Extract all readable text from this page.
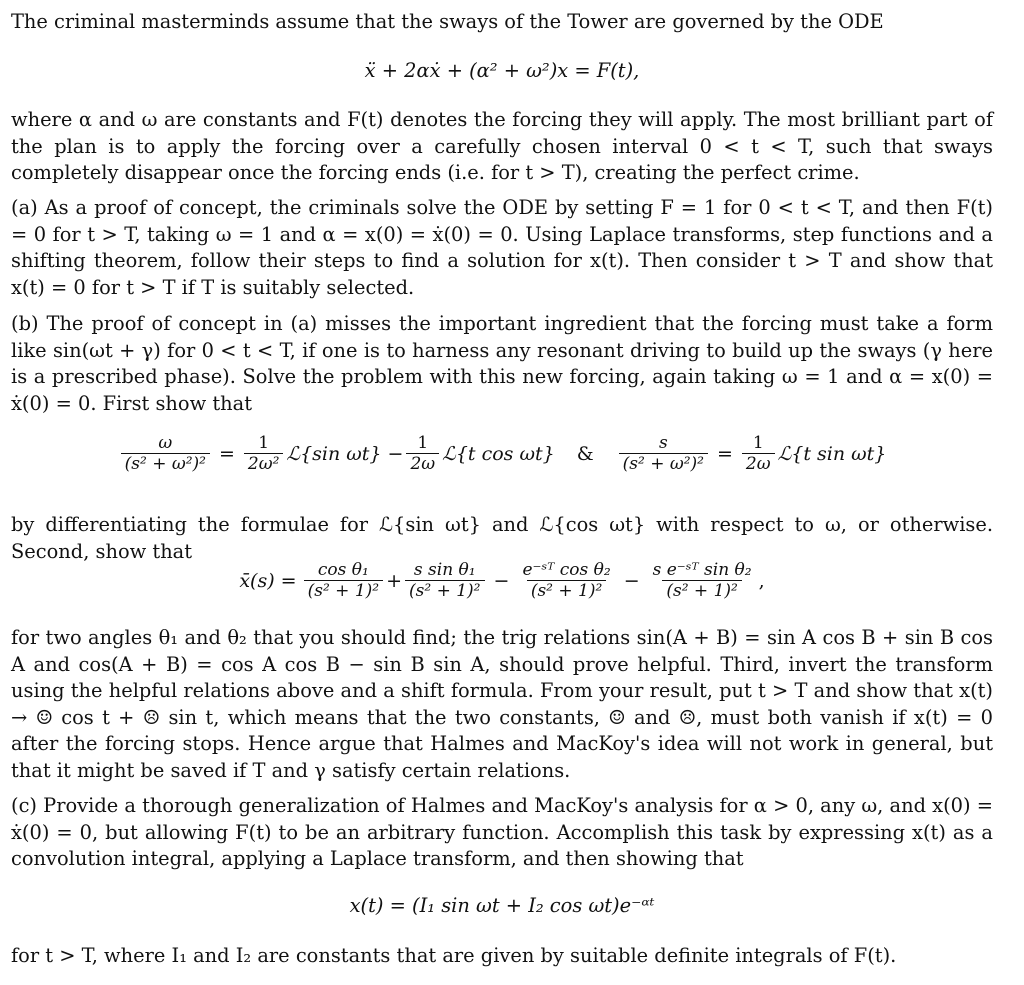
The criminal masterminds assume that the sways of the Tower are governed by the ODE

ẍ + 2αẋ + (α² + ω²)x = F(t),

where α and ω are constants and F(t) denotes the forcing they will apply. The most brilliant part of the plan is to apply the forcing over a carefully chosen interval 0 < t < T, such that sways completely disappear once the forcing ends (i.e. for t > T), creating the perfect crime.

(a) As a proof of concept, the criminals solve the ODE by setting F = 1 for 0 < t < T, and then F(t) = 0 for t > T, taking ω = 1 and α = x(0) = ẋ(0) = 0. Using Laplace transforms, step functions and a shifting theorem, follow their steps to find a solution for x(t). Then consider t > T and show that x(t) = 0 for t > T if T is suitably selected.

(b) The proof of concept in (a) misses the important ingredient that the forcing must take a form like sin(ωt + γ) for 0 < t < T, if one is to harness any resonant driving to build up the sways (γ here is a prescribed phase). Solve the problem with this new forcing, again taking ω = 1 and α = x(0) = ẋ(0) = 0. First show that

$\frac{\omega}{\text{(s² + ω²)²}} = \frac{1}{\text{2ω²}}$ ℒ{sin $\omega t\} - \frac{1}{2\omega}$ ℒ{t cos ωt} & $\frac{s}{\text{(s² + ω²)²}} = \frac{1}{2\omega}$ ℒ{t sin ωt}

by differentiating the formulae for ℒ{sin ωt} and ℒ{cos ωt} with respect to ω, or otherwise. Second, show that

x̄(s) = $\frac{\text{cos θ₁}}{\text{(s² + 1)²}} + \frac{\text{s sin θ₁}}{\text{(s² + 1)²}} - \frac{\text{e⁻ˢᵀ cos θ₂}}{\text{(s² + 1)²}} - \frac{\text{s e⁻ˢᵀ sin θ₂}}{\text{(s² + 1)²}}$ ,

for two angles θ₁ and θ₂ that you should find; the trig relations sin(A + B) = sin A cos B + sin B cos A and cos(A + B) = cos A cos B − sin B sin A, should prove helpful. Third, invert the transform using the helpful relations above and a shift formula. From your result, put t > T and show that x(t) → ☺ cos t + ☹ sin t, which means that the two constants, ☺ and ☹, must both vanish if x(t) = 0 after the forcing stops. Hence argue that Halmes and MacKoy's idea will not work in general, but that it might be saved if T and γ satisfy certain relations.

(c) Provide a thorough generalization of Halmes and MacKoy's analysis for α > 0, any ω, and x(0) = ẋ(0) = 0, but allowing F(t) to be an arbitrary function. Accomplish this task by expressing x(t) as a convolution integral, applying a Laplace transform, and then showing that

x(t) = (I₁ sin ωt + I₂ cos ωt)e⁻ᵅᵗ

for t > T, where I₁ and I₂ are constants that are given by suitable definite integrals of F(t).
